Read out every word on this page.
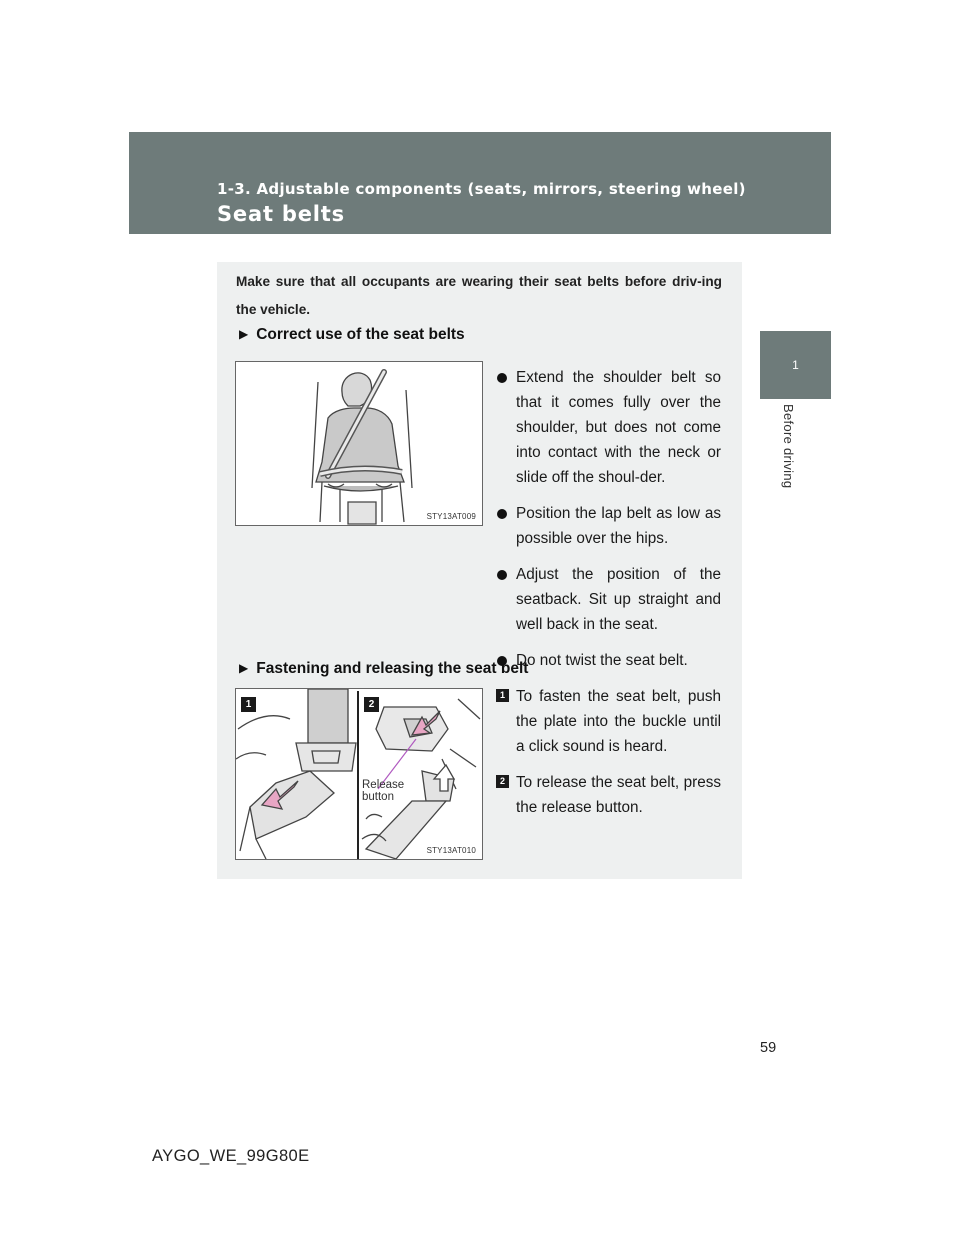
1-3. Adjustable components (seats, mirrors, steering wheel)
Seat belts
1
Before driving
Make sure that all occupants are wearing their seat belts before driv-ing the vehicle.
▶ Correct use of the seat belts
STY13AT009
Extend the shoulder belt so that it comes fully over the shoulder, but does not come into contact with the neck or slide off the shoul-der.
Position the lap belt as low as possible over the hips.
Adjust the position of the seatback. Sit up straight and well back in the seat.
Do not twist the seat belt.
▶ Fastening and releasing the seat belt
1	2
Release
button
STY13AT010
1 To fasten the seat belt, push the plate into the buckle until a click sound is heard.
2 To release the seat belt, press the release button.
59
AYGO_WE_99G80E
